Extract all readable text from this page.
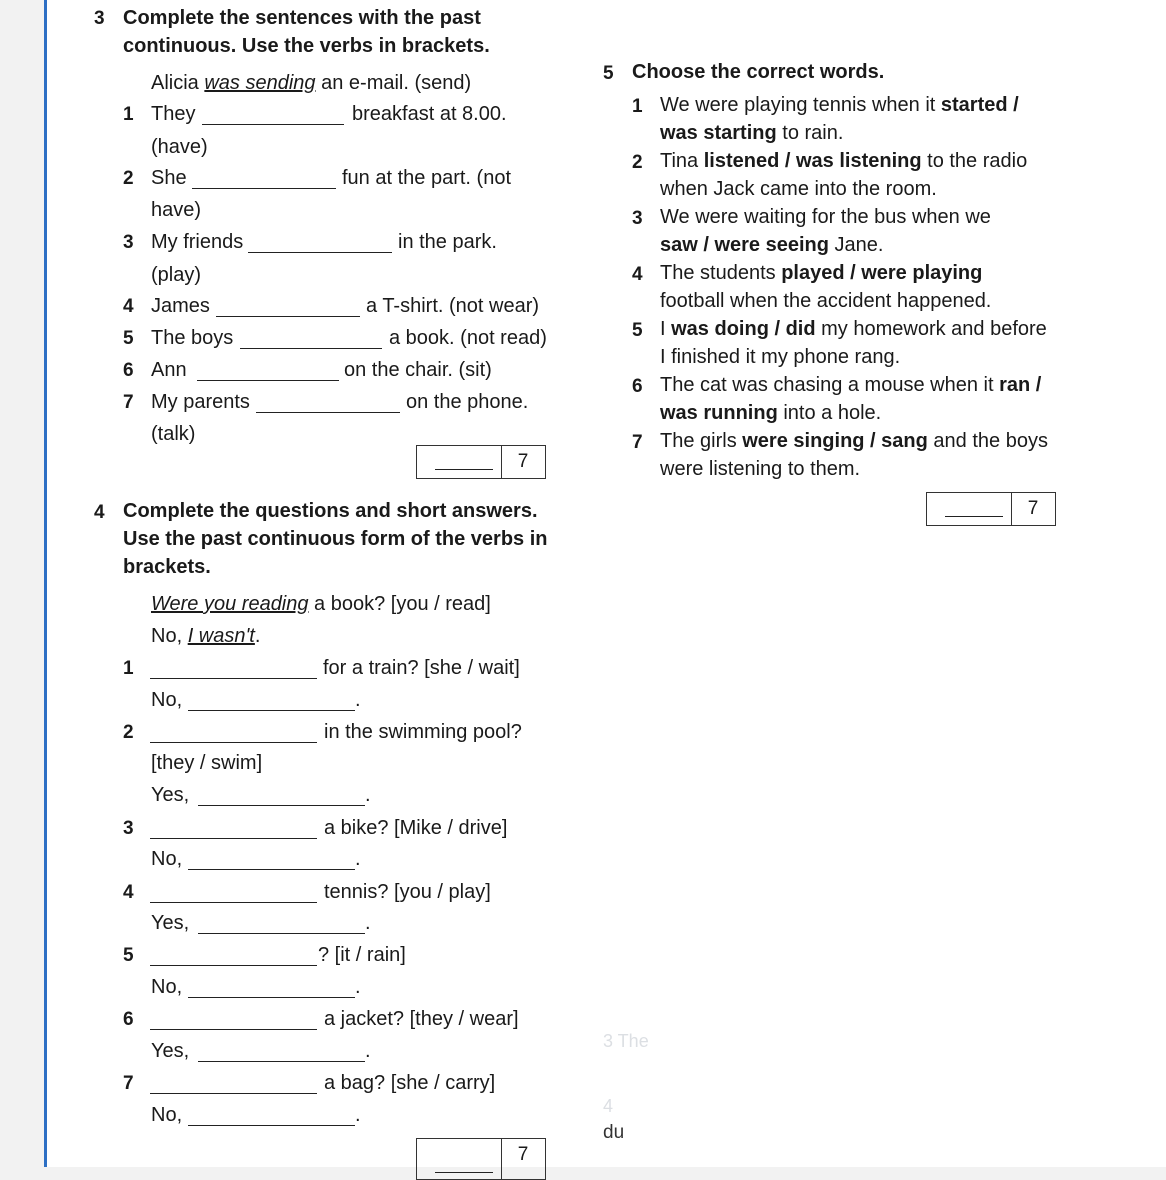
3 Complete the sentences with the past
continuous. Use the verbs in brackets.
Alicia was sending an e-mail. (send)
1 They	breakfast at 8.00.
(have)
2 She	fun at the part. (not
have)
3 My friends	in the park.
(play)
4 James	a T-shirt. (not wear)
5 The boys	a book. (not read)
6 Ann	on the chair. (sit)
7 My parents	on the phone.
(talk)
7
4 Complete the questions and short answers.
Use the past continuous form of the verbs in
brackets.
Were you reading a book? [you / read]
No, I wasn't.
1	for a train? [she / wait]
No,	.
2	in the swimming pool?
[they / swim]
Yes,	.
3	a bike? [Mike / drive]
No,	.
4	tennis? [you / play]
Yes,	.
5	? [it / rain]
No,	.
6	a jacket? [they / wear]
Yes,	.
7	a bag? [she / carry]
No,	.
7
5 Choose the correct words.
1 We were playing tennis when it started /
was starting to rain.
2 Tina listened / was listening to the radio
when Jack came into the room.
3 We were waiting for the bus when we
saw / were seeing Jane.
4 The students played / were playing
football when the accident happened.
5 I was doing / did my homework and before
I finished it my phone rang.
6 The cat was chasing a mouse when it ran /
was running into a hole.
7 The girls were singing / sang and the boys
were listening to them.
7
3 The
4
du
